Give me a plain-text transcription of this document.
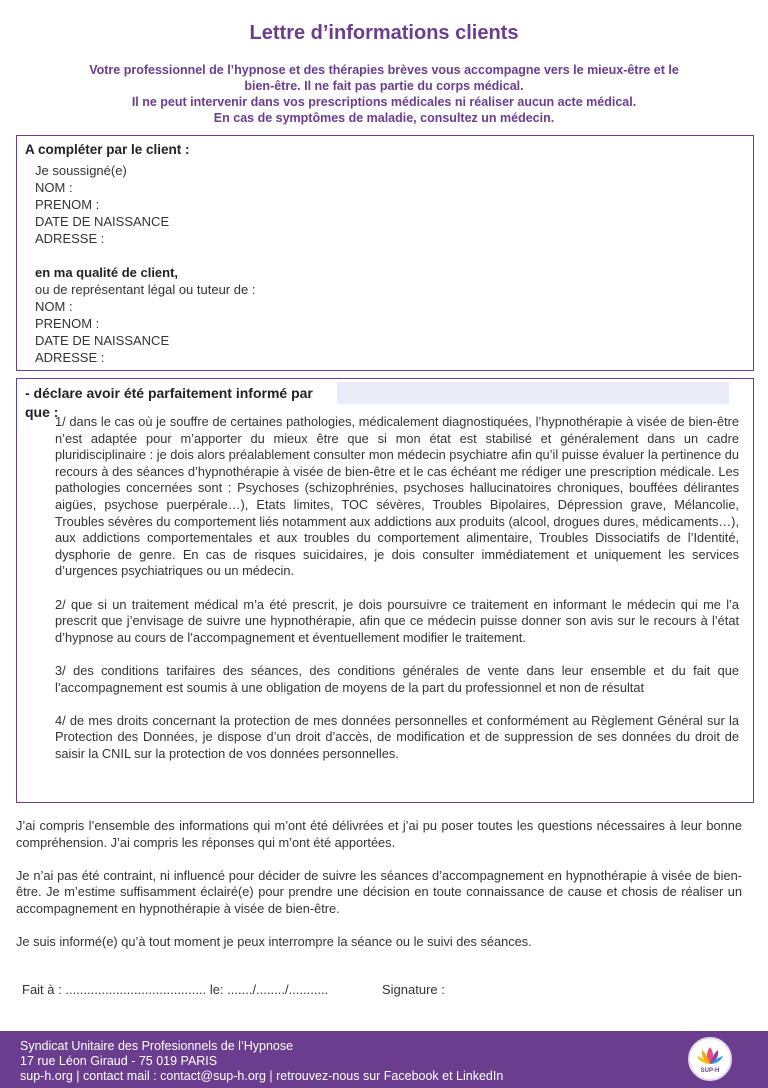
Lettre d’informations clients
Votre professionnel de l’hypnose et des thérapies brèves vous accompagne vers le mieux-être et le
bien-être. Il ne fait pas partie du corps médical.
Il ne peut intervenir dans vos prescriptions médicales ni réaliser aucun acte médical.
En cas de symptômes de maladie, consultez un médecin.
A compléter par le client :
Je soussigné(e)
NOM :
PRENOM :
DATE DE NAISSANCE
ADRESSE :
en ma qualité de client,
ou de représentant légal ou tuteur de :
NOM :
PRENOM :
DATE DE NAISSANCE
ADRESSE :
- déclare avoir été parfaitement informé par
que :

1/ dans le cas où je souffre de certaines pathologies, médicalement diagnostiquées, l’hypnothérapie à visée de bien-être n’est adaptée pour m’apporter du mieux être que si mon état est stabilisé et généralement dans un cadre pluridisciplinaire : je dois alors préalablement consulter mon médecin psychiatre afin qu’il puisse évaluer la pertinence du recours à des séances d’hypnothérapie à visée de bien-être et le cas échéant me rédiger une prescription médicale. Les pathologies concernées sont : Psychoses (schizophrénies, psychoses hallucinatoires chroniques, bouffées délirantes aigües, psychose puerpérale…), Etats limites, TOC sévères, Troubles Bipolaires, Dépression grave, Mélancolie, Troubles sévères du comportement liés notamment aux addictions aux produits (alcool, drogues dures, médicaments…), aux addictions comportementales et aux troubles du comportement alimentaire, Troubles Dissociatifs de l’Identité, dysphorie de genre. En cas de risques suicidaires, je dois consulter immédiatement et uniquement les services d’urgences psychiatriques ou un médecin.

2/ que si un traitement médical m’a été prescrit, je dois poursuivre ce traitement en informant le médecin qui me l’a prescrit que j’envisage de suivre une hypnothérapie, afin que ce médecin puisse donner son avis sur le recours à l’état d’hypnose au cours de l’accompagnement et éventuellement modifier le traitement.

3/ des conditions tarifaires des séances, des conditions générales de vente dans leur ensemble et du fait que l’accompagnement est soumis à une obligation de moyens de la part du professionnel et non de résultat

4/ de mes droits concernant la protection de mes données personnelles et conformément au Règlement Général sur la Protection des Données, je dispose d’un droit d’accès, de modification et de suppression de ses données du droit de saisir la CNIL sur la protection de vos données personnelles.

J’ai compris l’ensemble des informations qui m’ont été délivrées et j’ai pu poser toutes les questions nécessaires à leur bonne compréhension. J’ai compris les réponses qui m’ont été apportées.

Je n’ai pas été contraint, ni influencé pour décider de suivre les séances d’accompagnement en hypnothérapie à visée de bien-être. Je m’estime suffisamment éclairé(e) pour prendre une décision en toute connaissance de cause et chosis de réaliser un accompagnement en hypnothérapie à visée de bien-être.

Je suis informé(e) qu’à tout moment je peux interrompre la séance ou le suivi des séances.

Fait à : ....................................... le: ......./......../...........	Signature :
Syndicat Unitaire des Profesionnels de l’Hypnose
17 rue Léon Giraud - 75 019 PARIS
sup-h.org | contact mail : contact@sup-h.org | retrouvez-nous sur Facebook et LinkedIn	SUP-H
